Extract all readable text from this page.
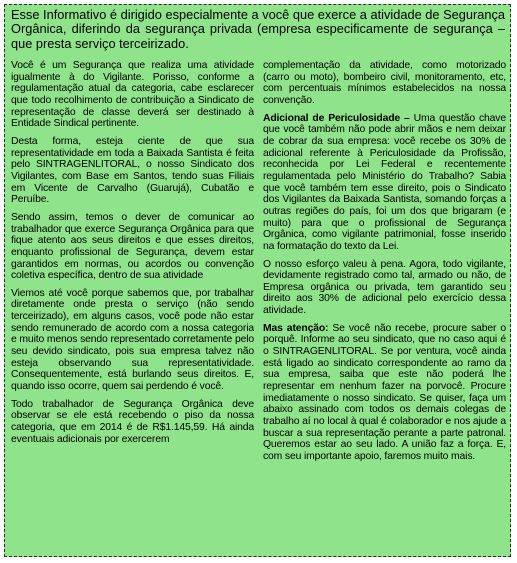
Esse Informativo é dirigido especialmente a você que exerce a atividade de Segurança Orgânica, diferindo da segurança privada (empresa especificamente de segurança – que presta serviço terceirizado.

Você é um Segurança que realiza uma atividade igualmente à do Vigilante. Porisso, conforme a regulamentação atual da categoria, cabe esclarecer que todo recolhimento de contribuição a Sindicato de representação de classe deverá ser destinado à Entidade Sindical pertinente.

Desta forma, esteja ciente de que sua representatividade em toda a Baixada Santista é feita pelo SINTRAGENLITORAL, o nosso Sindicato dos Vigilantes, com Base em Santos, tendo suas Filiais em Vicente de Carvalho (Guarujá), Cubatão e Peruíbe.

Sendo assim, temos o dever de comunicar ao trabalhador que exerce Segurança Orgânica para que fique atento aos seus direitos e que esses direitos, enquanto profissional de Segurança, devem estar garantidos em normas, ou acordos ou convenção coletiva específica, dentro de sua atividade

Viemos até você porque sabemos que, por trabalhar diretamente onde presta o serviço (não sendo terceirizado), em alguns casos, você pode não estar sendo remunerado de acordo com a nossa categoria e muito menos sendo representado corretamente pelo seu devido sindicato, pois sua empresa talvez não esteja observando sua representatividade. Consequentemente, está burlando seus direitos. E, quando isso ocorre, quem sai perdendo é você.

Todo trabalhador de Segurança Orgânica deve observar se ele está recebendo o piso da nossa categoria, que em 2014 é de R$1.145,59. Há ainda eventuais adicionais por exercerem

complementação da atividade, como motorizado (carro ou moto), bombeiro civil, monitoramento, etc, com percentuais mínimos estabelecidos na nossa convenção.

Adicional de Periculosidade – Uma questão chave que você também não pode abrir mãos e nem deixar de cobrar da sua empresa: você recebe os 30% de adicional referente à Periculosidade da Profissão, reconhecida por Lei Federal e recentemente regulamentada pelo Ministério do Trabalho? Sabia que você também tem esse direito, pois o Sindicato dos Vigilantes da Baixada Santista, somando forças a outras regiões do país, foi um dos que brigaram (e muito) para que o profissional de Segurança Orgânica, como vigilante patrimonial, fosse inserido na formatação do texto da Lei.

O nosso esforço valeu à pena. Agora, todo vigilante, devidamente registrado como tal, armado ou não, de Empresa orgânica ou privada, tem garantido seu direito aos 30% de adicional pelo exercício dessa atividade.

Mas atenção: Se você não recebe, procure saber o porquê. Informe ao seu sindicato, que no caso aqui é o SINTRAGENLITORAL. Se por ventura, você ainda está ligado ao sindicato correspondente ao ramo da sua empresa, saiba que este não poderá lhe representar em nenhum fazer na porvocê. Procure imediatamente o nosso sindicato. Se quiser, faça um abaixo assinado com todos os demais colegas de trabalho aí no local à qual é colaborador e nos ajude a buscar a sua representação perante a parte patronal. Queremos estar ao seu lado. A união faz a força. E, com seu importante apoio, faremos muito mais.
